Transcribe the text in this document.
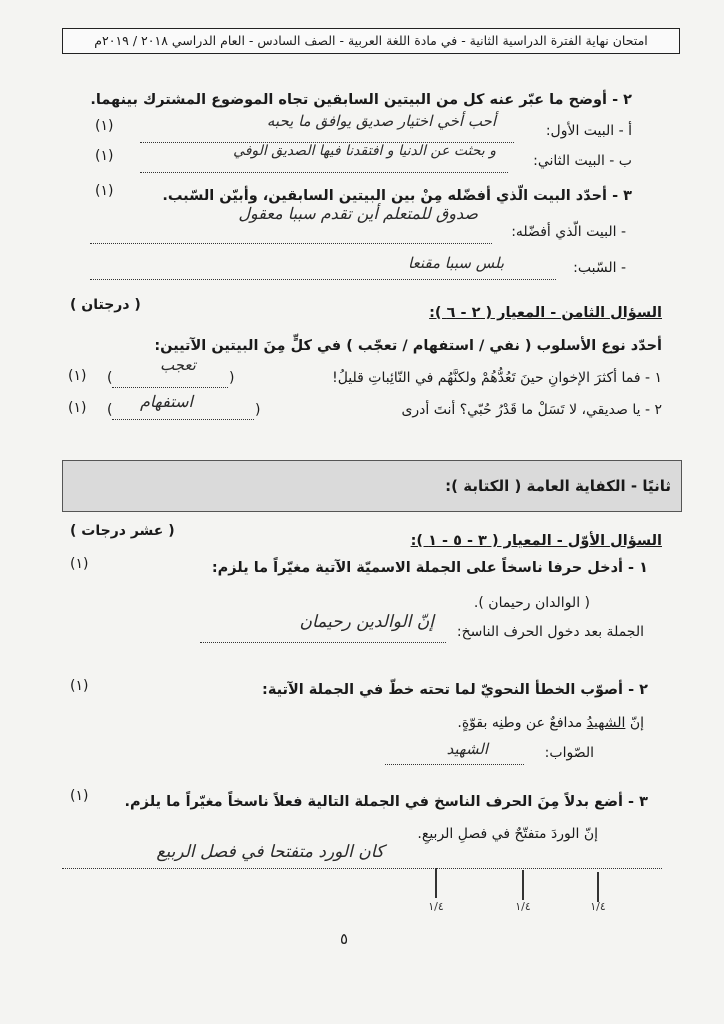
امتحان نهاية الفترة الدراسية الثانية - في مادة اللغة العربية - الصف السادس - العام الدراسي ٢٠١٨ / ٢٠١٩م
٢ - أوضح ما عبّر عنه كل من البيتين السابقين تجاه الموضوع المشترك بينهما.
أ - البيت الأول:
أحب أخي اختيار صديق يوافق ما يحبه
(١)
ب - البيت الثاني:
و بحثت عن الدنيا و افتقدنا فيها الصديق الوفي
(١)
٣ - أحدّد البيت الّذي أفضّله مِنْ بين البيتين السابقين، وأبيّن السّبب.
(١)
- البيت الّذي أفضّله:
صدوق للمتعلم أين تقدم سببا معقول
- السّبب:
بلس سببا مقنعا
السؤال الثامن - المعيار ( ٢ - ٦ ):
( درجتان )
أحدّد نوع الأسلوب ( نفي / استفهام / تعجّب ) في كلٍّ مِنَ البيتين الآتيين:
١ - فما أكثرَ الإخوانِ حينَ تَعُدُّهُمْ ولكنَّهُم في النّائِباتِ قليلُ!
)
تعجب
(
(١)
٢ - يا صديقي، لا تَسَلْ ما قَدْرُ حُبّي؟ أنتَ أدرى
) استفهام	(
(١)
ثانيًا - الكفاية العامة ( الكتابة ):
السؤال الأوّل - المعيار ( ٣ - ٥ - ١ ):
( عشر درجات )
١ - أدخل حرفا ناسخاً على الجملة الاسميّة الآتية مغيّراً ما يلزم:
(١)
( الوالدان رحيمان ).
الجملة بعد دخول الحرف الناسخ:
إنّ الوالدين رحيمان
٢ - أصوّب الخطأ النحويّ لما تحته خطّ في الجملة الآتية:
(١)
إنّ الشهيدُ مدافعٌ عن وطنِه بقوّةٍ.
الصّواب:
الشهيد
٣ - أضع بدلاً مِنَ الحرف الناسخ في الجملة التالية فعلاً ناسخاً مغيّراً ما يلزم.
(١)
إنّ الوردَ متفتّحٌ في فصلِ الربيعِ.
كان الورد متفتحا في فصل الربيع
١/٤	١/٤	١/٤
٥
